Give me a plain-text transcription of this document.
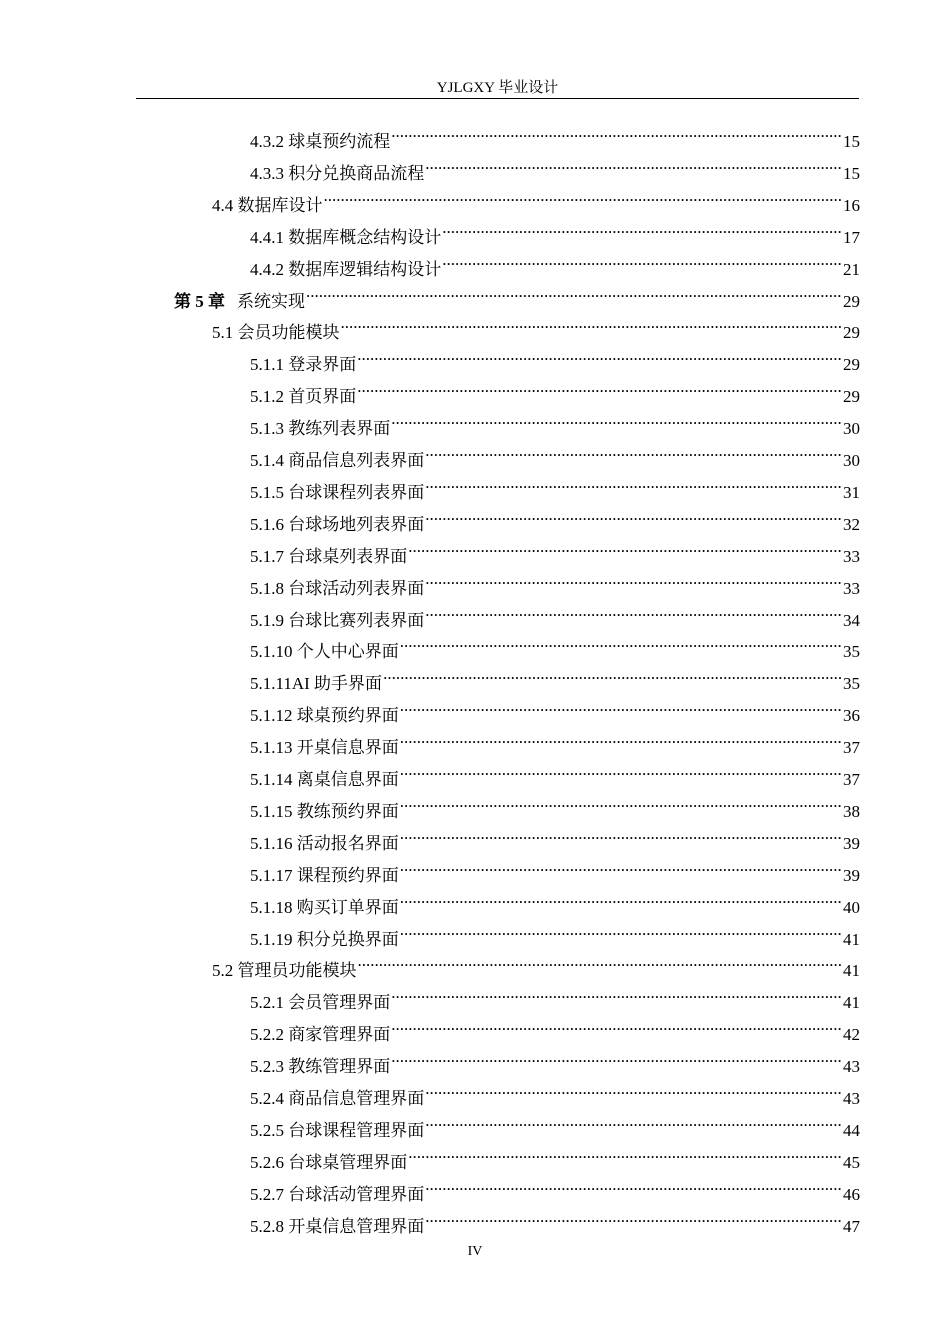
YJLGXY 毕业设计
4.3.2 球桌预约流程 .....	15
4.3.3 积分兑换商品流程 .....	15
4.4 数据库设计 .....	16
4.4.1 数据库概念结构设计 .....	17
4.4.2 数据库逻辑结构设计 .....	21
第 5 章 系统实现 .....	29
5.1 会员功能模块 .....	29
5.1.1 登录界面 .....	29
5.1.2 首页界面 .....	29
5.1.3 教练列表界面 .....	30
5.1.4 商品信息列表界面 .....	30
5.1.5 台球课程列表界面 .....	31
5.1.6 台球场地列表界面 .....	32
5.1.7 台球桌列表界面 .....	33
5.1.8 台球活动列表界面 .....	33
5.1.9 台球比赛列表界面 .....	34
5.1.10 个人中心界面 .....	35
5.1.11AI 助手界面 .....	35
5.1.12 球桌预约界面 .....	36
5.1.13 开桌信息界面 .....	37
5.1.14 离桌信息界面 .....	37
5.1.15 教练预约界面 .....	38
5.1.16 活动报名界面 .....	39
5.1.17 课程预约界面 .....	39
5.1.18 购买订单界面 .....	40
5.1.19 积分兑换界面 .....	41
5.2 管理员功能模块 .....	41
5.2.1 会员管理界面 .....	41
5.2.2 商家管理界面 .....	42
5.2.3 教练管理界面 .....	43
5.2.4 商品信息管理界面 .....	43
5.2.5 台球课程管理界面 .....	44
5.2.6 台球桌管理界面 .....	45
5.2.7 台球活动管理界面 .....	46
5.2.8 开桌信息管理界面 .....	47
IV
